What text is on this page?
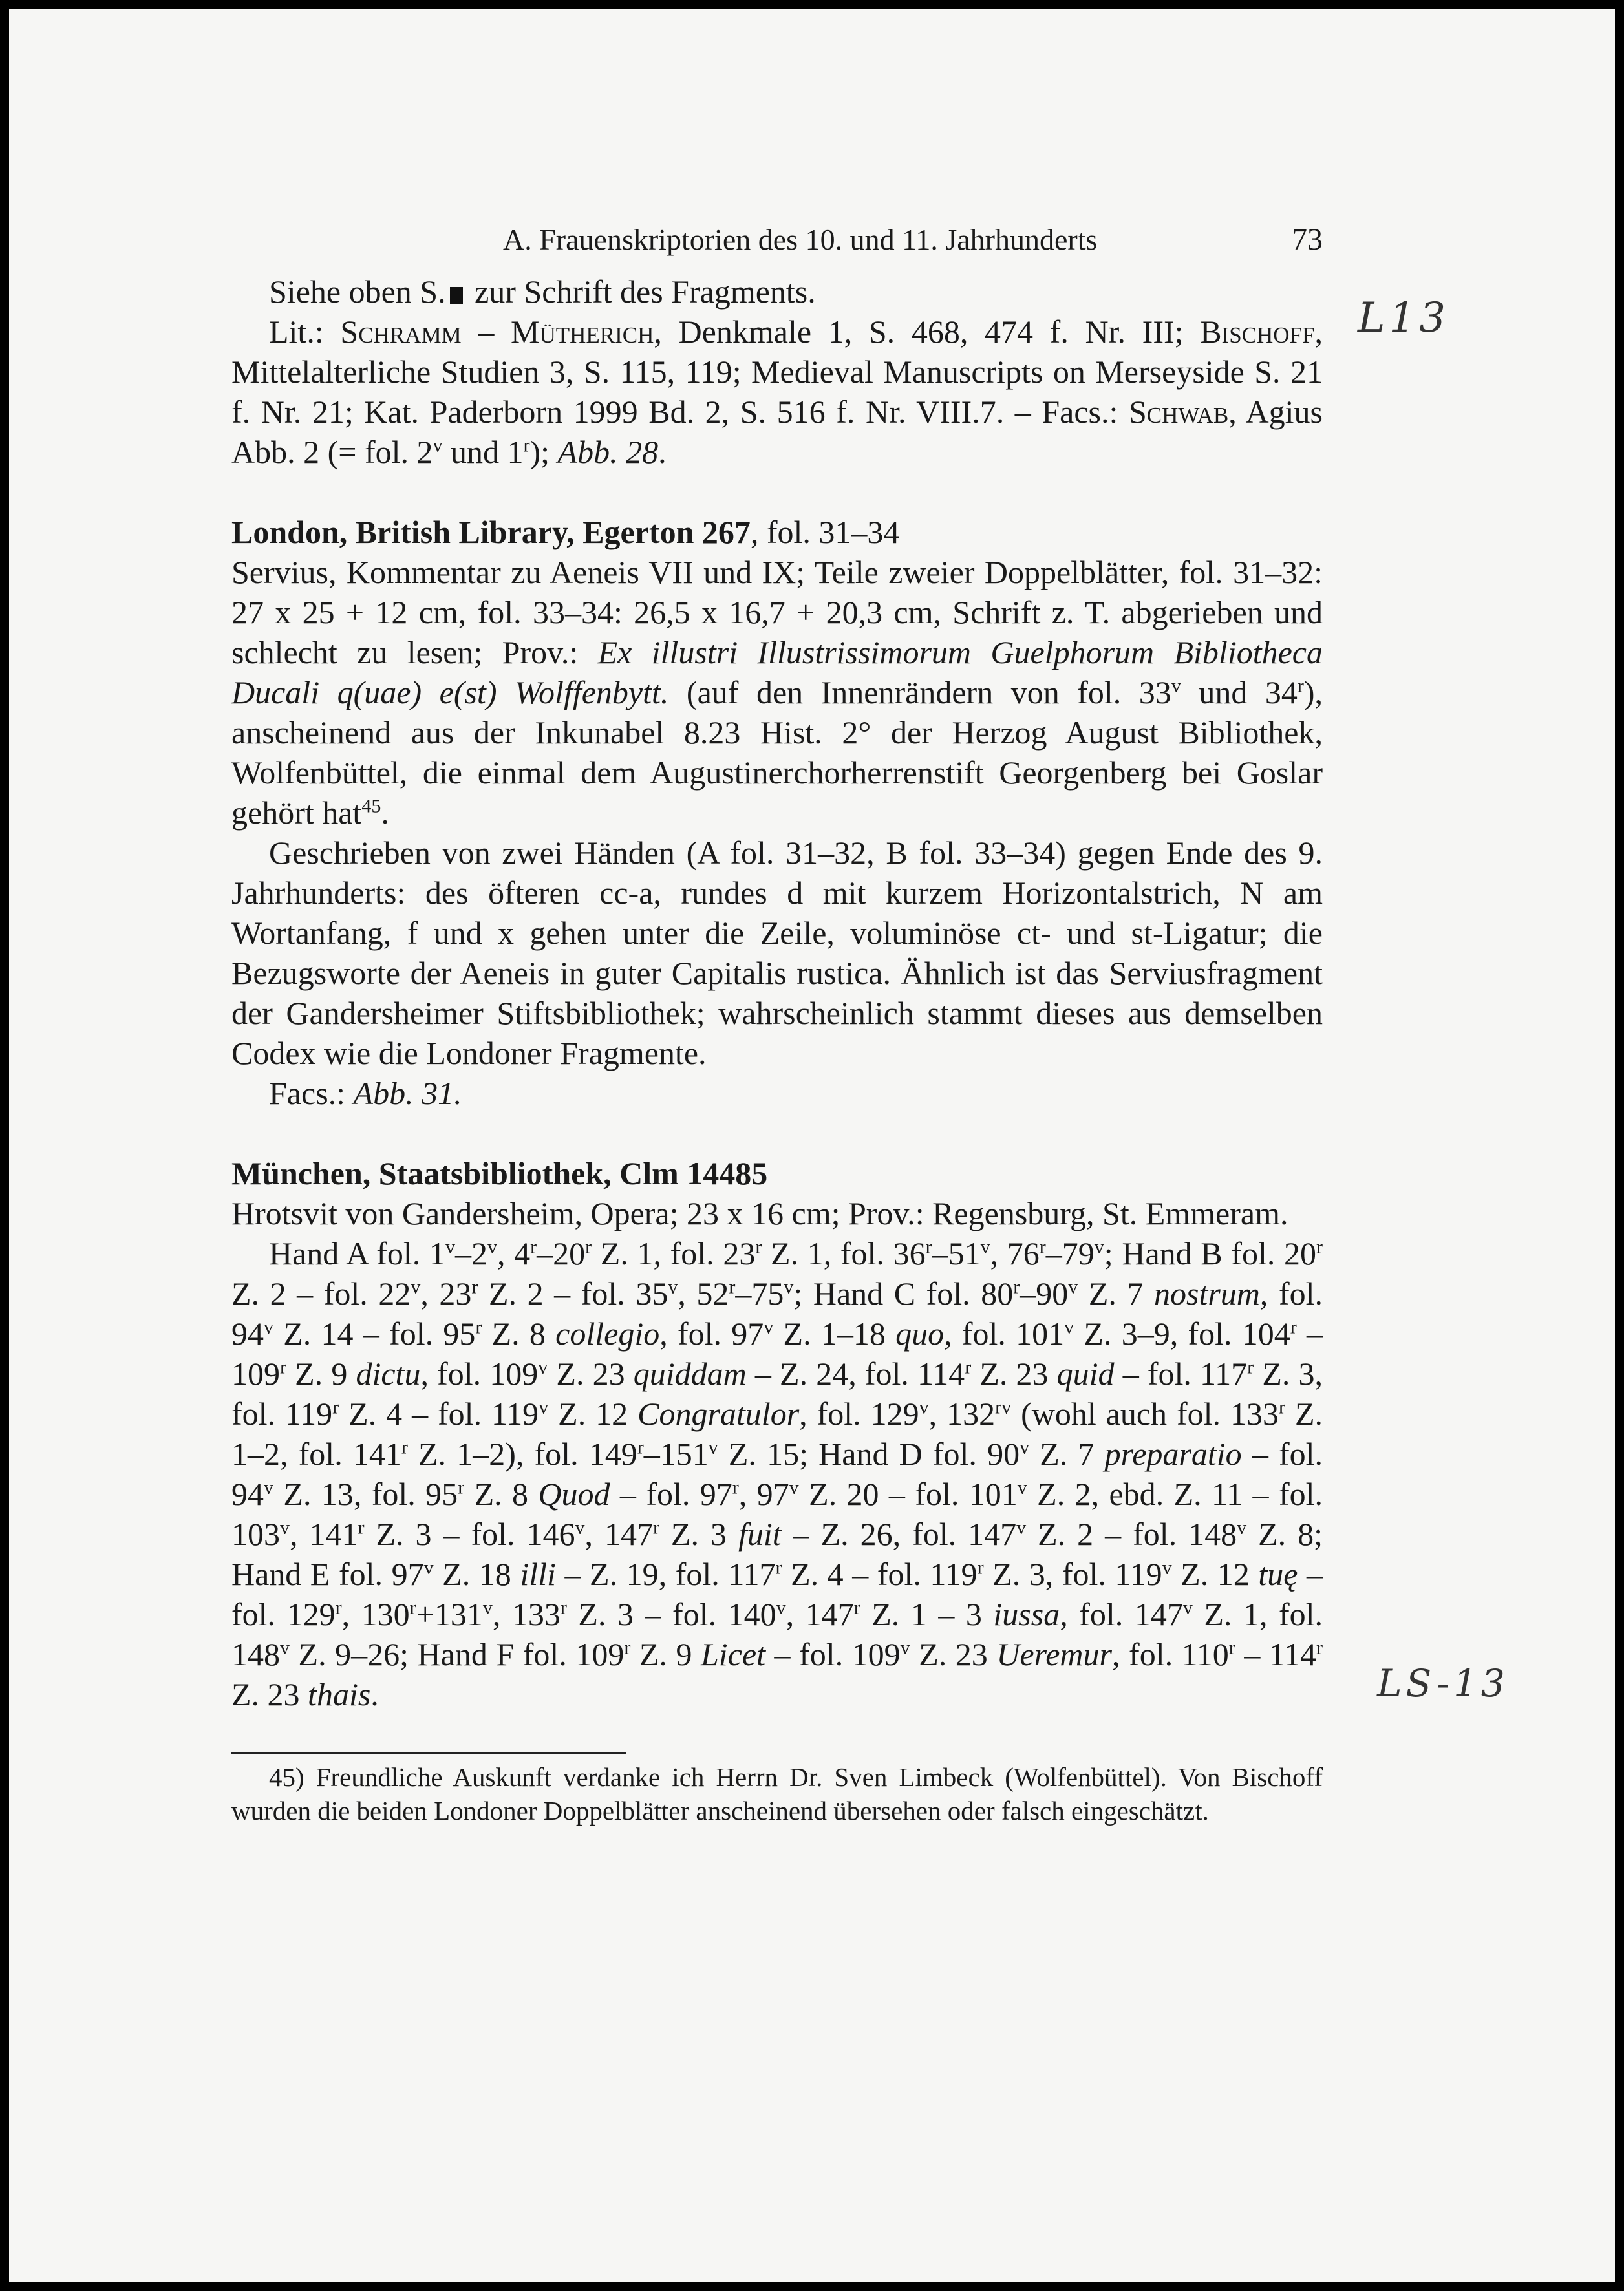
A. Frauenskriptorien des 10. und 11. Jahrhunderts	73

Siehe oben S. zur Schrift des Fragments.

Lit.: Schramm – Mütherich, Denkmale 1, S. 468, 474 f. Nr. III; Bischoff, Mittelalterliche Studien 3, S. 115, 119; Medieval Manuscripts on Merseyside S. 21 f. Nr. 21; Kat. Paderborn 1999 Bd. 2, S. 516 f. Nr. VIII.7. – Facs.: Schwab, Agius Abb. 2 (= fol. 2$^v$ und 1$^r$); Abb. 28.

London, British Library, Egerton 267, fol. 31–34

Servius, Kommentar zu Aeneis VII und IX; Teile zweier Doppelblätter, fol. 31–32: 27 x 25 + 12 cm, fol. 33–34: 26,5 x 16,7 + 20,3 cm, Schrift z. T. abgerieben und schlecht zu lesen; Prov.: Ex illustri Illustrissimorum Guelphorum Bibliotheca Ducali q(uae) e(st) Wolffenbytt. (auf den Innenrändern von fol. 33$^v$ und 34$^r$), anscheinend aus der Inkunabel 8.23 Hist. 2° der Herzog August Bibliothek, Wolfenbüttel, die einmal dem Augustinerchorherrenstift Georgenberg bei Goslar gehört hat$^{45}$.

Geschrieben von zwei Händen (A fol. 31–32, B fol. 33–34) gegen Ende des 9. Jahrhunderts: des öfteren cc-a, rundes d mit kurzem Horizontalstrich, N am Wortanfang, f und x gehen unter die Zeile, voluminöse ct- und st-Ligatur; die Bezugsworte der Aeneis in guter Capitalis rustica. Ähnlich ist das Serviusfragment der Gandersheimer Stiftsbibliothek; wahrscheinlich stammt dieses aus demselben Codex wie die Londoner Fragmente.

Facs.: Abb. 31.

München, Staatsbibliothek, Clm 14485

Hrotsvit von Gandersheim, Opera; 23 x 16 cm; Prov.: Regensburg, St. Emmeram.

Hand A fol. 1$^v$–2$^v$, 4$^r$–20$^r$ Z. 1, fol. 23$^r$ Z. 1, fol. 36$^r$–51$^v$, 76$^r$–79$^v$; Hand B fol. 20$^r$ Z. 2 – fol. 22$^v$, 23$^r$ Z. 2 – fol. 35$^v$, 52$^r$–75$^v$; Hand C fol. 80$^r$–90$^v$ Z. 7 nostrum, fol. 94$^v$ Z. 14 – fol. 95$^r$ Z. 8 collegio, fol. 97$^v$ Z. 1–18 quo, fol. 101$^v$ Z. 3–9, fol. 104$^r$ – 109$^r$ Z. 9 dictu, fol. 109$^v$ Z. 23 quiddam – Z. 24, fol. 114$^r$ Z. 23 quid – fol. 117$^r$ Z. 3, fol. 119$^r$ Z. 4 – fol. 119$^v$ Z. 12 Congratulor, fol. 129$^v$, $132^{rv}$ (wohl auch fol. 133$^r$ Z. 1–2, fol. 141$^r$ Z. 1–2), fol. 149$^r$–151$^v$ Z. 15; Hand D fol. 90$^v$ Z. 7 preparatio – fol. 94$^v$ Z. 13, fol. 95$^r$ Z. 8 Quod – fol. 97$^r$, 97$^v$ Z. 20 – fol. 101$^v$ Z. 2, ebd. Z. 11 – fol. 103$^v$, 141$^r$ Z. 3 – fol. 146$^v$, 147$^r$ Z. 3 fuit – Z. 26, fol. 147$^v$ Z. 2 – fol. 148$^v$ Z. 8; Hand E fol. 97$^v$ Z. 18 illi – Z. 19, fol. 117$^r$ Z. 4 – fol. 119$^r$ Z. 3, fol. 119$^v$ Z. 12 tuę – fol. 129$^r$, $130^r+131^v$, 133$^r$ Z. 3 – fol. 140$^v$, 147$^r$ Z. 1 – 3 iussa, fol. 147$^v$ Z. 1, fol. 148$^v$ Z. 9–26; Hand F fol. 109$^r$ Z. 9 Licet – fol. 109$^v$ Z. 23 Ueremur, fol. 110$^r$ – 114$^r$ Z. 23 thais.

45) Freundliche Auskunft verdanke ich Herrn Dr. Sven Limbeck (Wolfenbüttel). Von Bischoff wurden die beiden Londoner Doppelblätter anscheinend übersehen oder falsch eingeschätzt.

L13
LS-13
